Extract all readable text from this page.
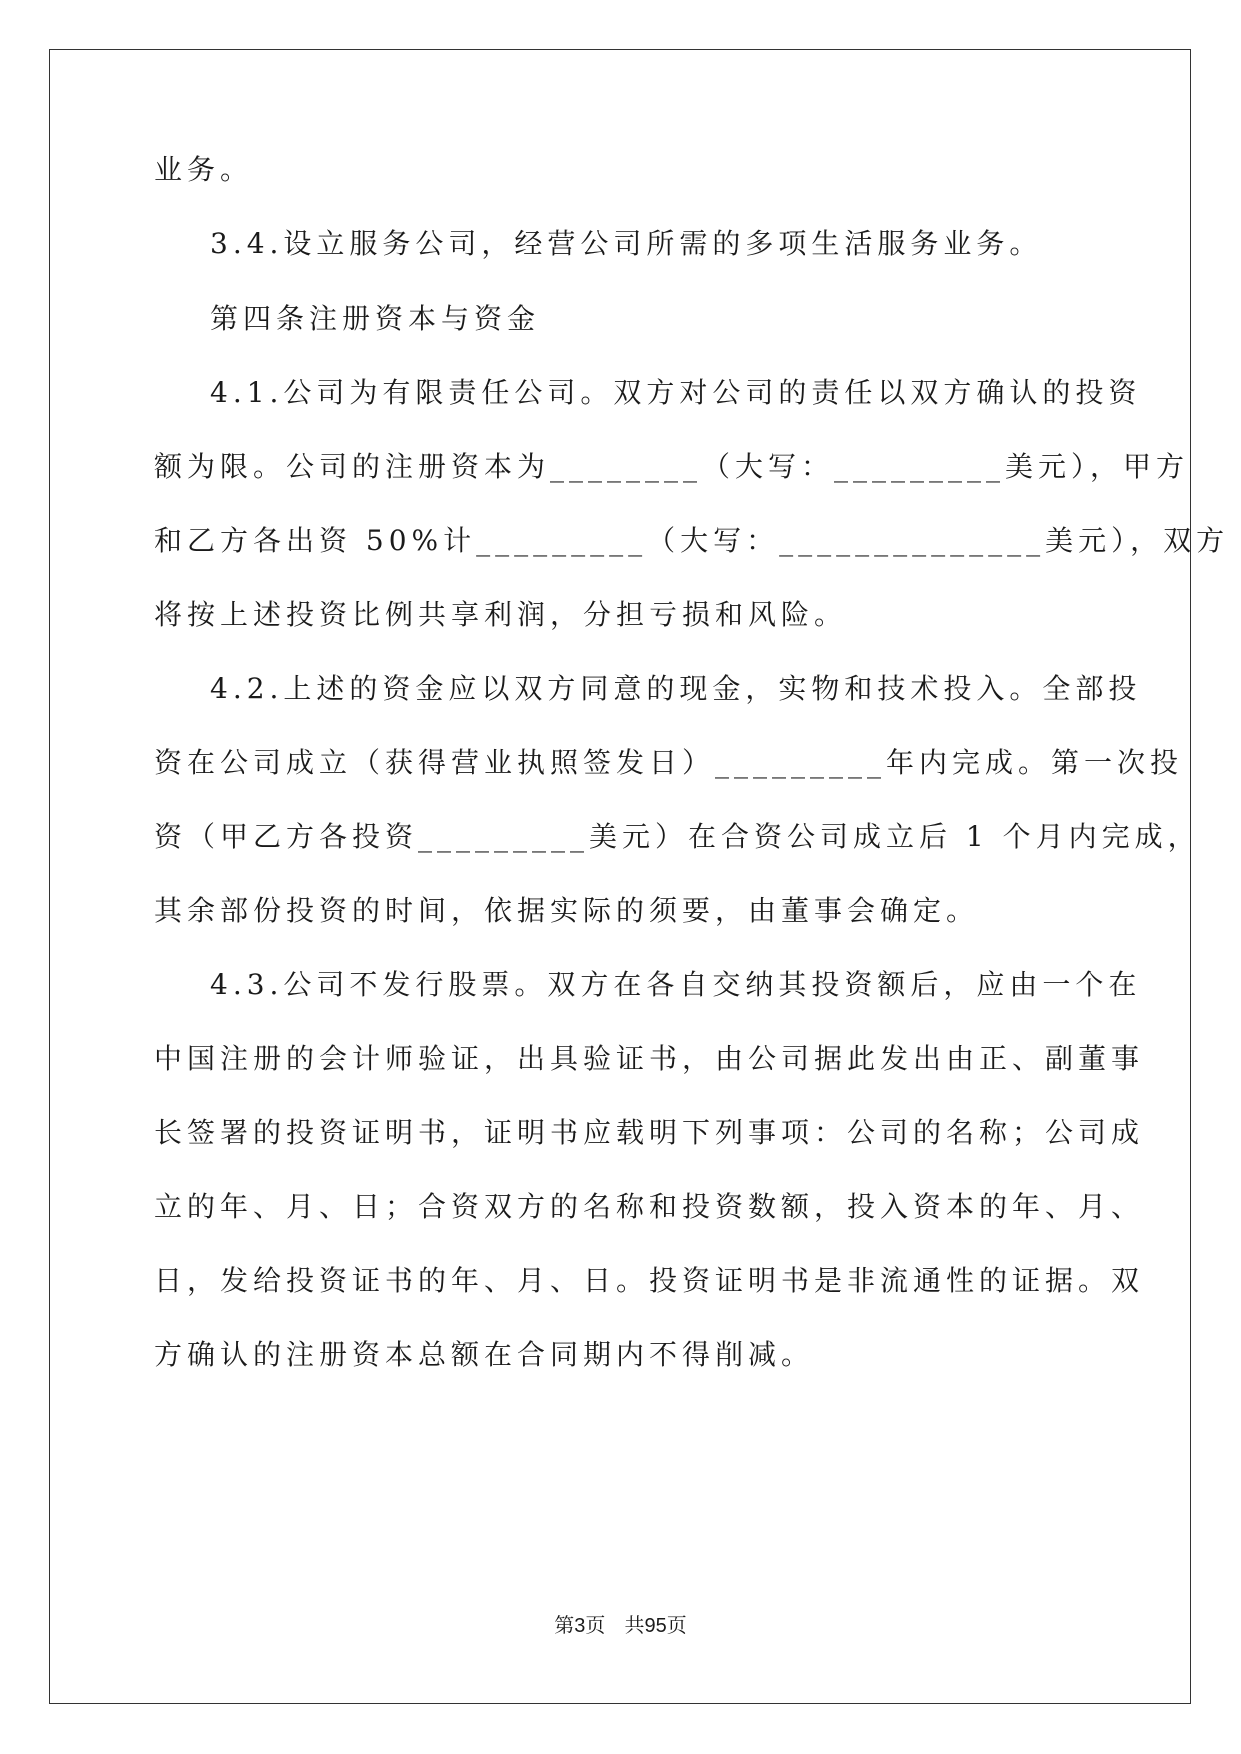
业务。
3.4.设立服务公司，经营公司所需的多项生活服务业务。
第四条注册资本与资金
4.1.公司为有限责任公司。双方对公司的责任以双方确认的投资
额为限。公司的注册资本为________（大写：_________美元），甲方
和乙方各出资 50%计_________（大写：______________美元），双方
将按上述投资比例共享利润，分担亏损和风险。
4.2.上述的资金应以双方同意的现金，实物和技术投入。全部投
资在公司成立（获得营业执照签发日）_________年内完成。第一次投
资（甲乙方各投资_________美元）在合资公司成立后 1 个月内完成，
其余部份投资的时间，依据实际的须要，由董事会确定。
4.3.公司不发行股票。双方在各自交纳其投资额后，应由一个在
中国注册的会计师验证，出具验证书，由公司据此发出由正、副董事
长签署的投资证明书，证明书应载明下列事项：公司的名称；公司成
立的年、月、日；合资双方的名称和投资数额，投入资本的年、月、
日，发给投资证书的年、月、日。投资证明书是非流通性的证据。双
方确认的注册资本总额在合同期内不得削减。
第3页 共95页
